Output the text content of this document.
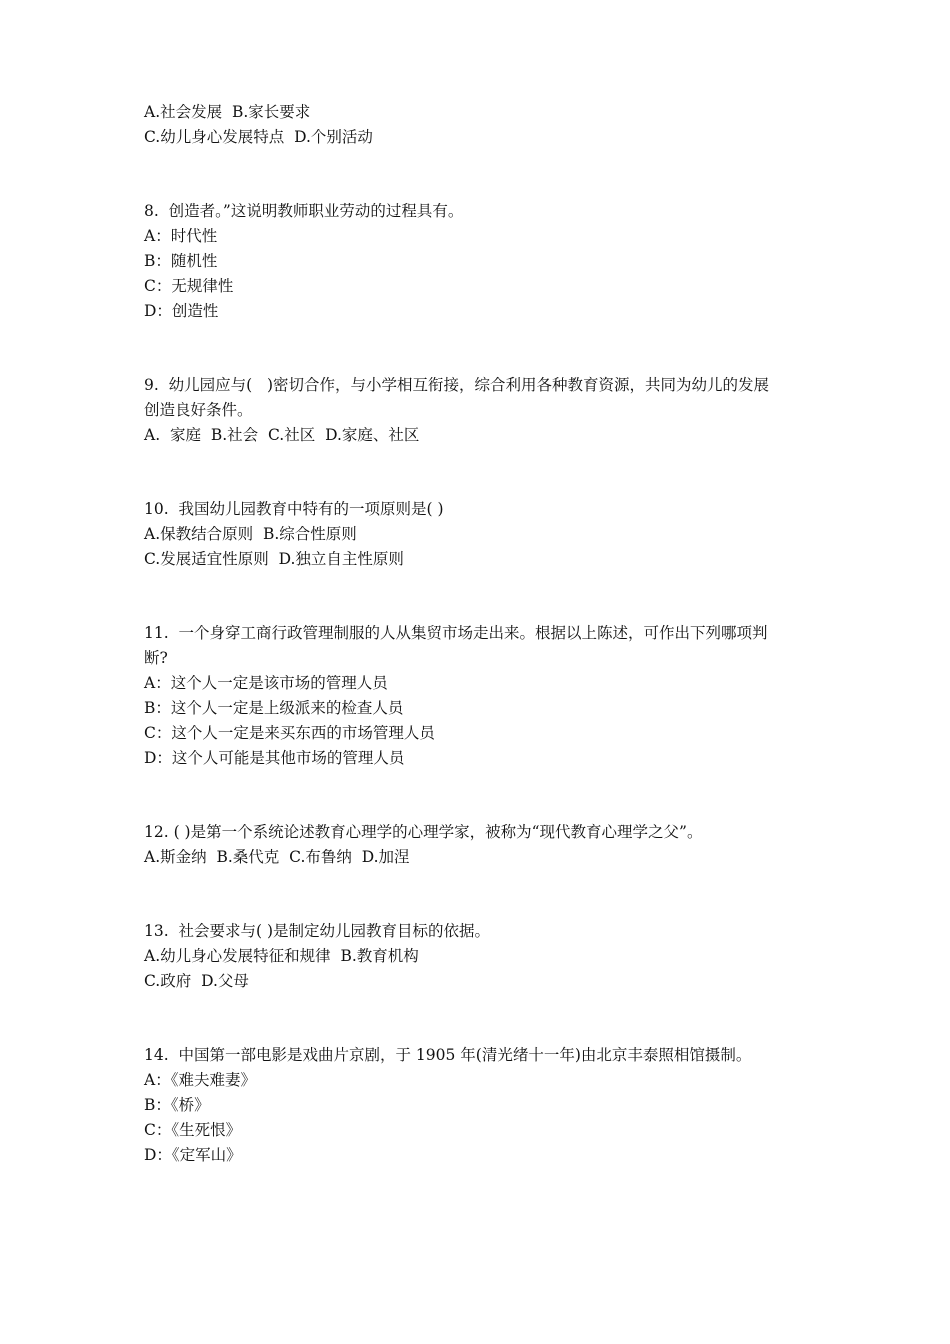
A.社会发展  B.家长要求

C.幼儿身心发展特点  D.个别活动

8.  创造者。”这说明教师职业劳动的过程具有。

A：时代性

B：随机性

C：无规律性

D：创造性

9.  幼儿园应与(   )密切合作，与小学相互衔接，综合利用各种教育资源，共同为幼儿的发展

创造良好条件。

A.  家庭  B.社会  C.社区  D.家庭、社区

10.  我国幼儿园教育中特有的一项原则是( )

A.保教结合原则  B.综合性原则

C.发展适宜性原则  D.独立自主性原则

11.  一个身穿工商行政管理制服的人从集贸市场走出来。根据以上陈述，可作出下列哪项判

断?

A：这个人一定是该市场的管理人员

B：这个人一定是上级派来的检查人员

C：这个人一定是来买东西的市场管理人员

D：这个人可能是其他市场的管理人员

12. ( )是第一个系统论述教育心理学的心理学家，被称为“现代教育心理学之父”。

A.斯金纳  B.桑代克  C.布鲁纳  D.加涅

13.  社会要求与( )是制定幼儿园教育目标的依据。

A.幼儿身心发展特征和规律  B.教育机构

C.政府  D.父母

14.  中国第一部电影是戏曲片京剧，于 1905 年(清光绪十一年)由北京丰泰照相馆摄制。

A：《难夫难妻》

B：《桥》

C：《生死恨》

D：《定军山》
